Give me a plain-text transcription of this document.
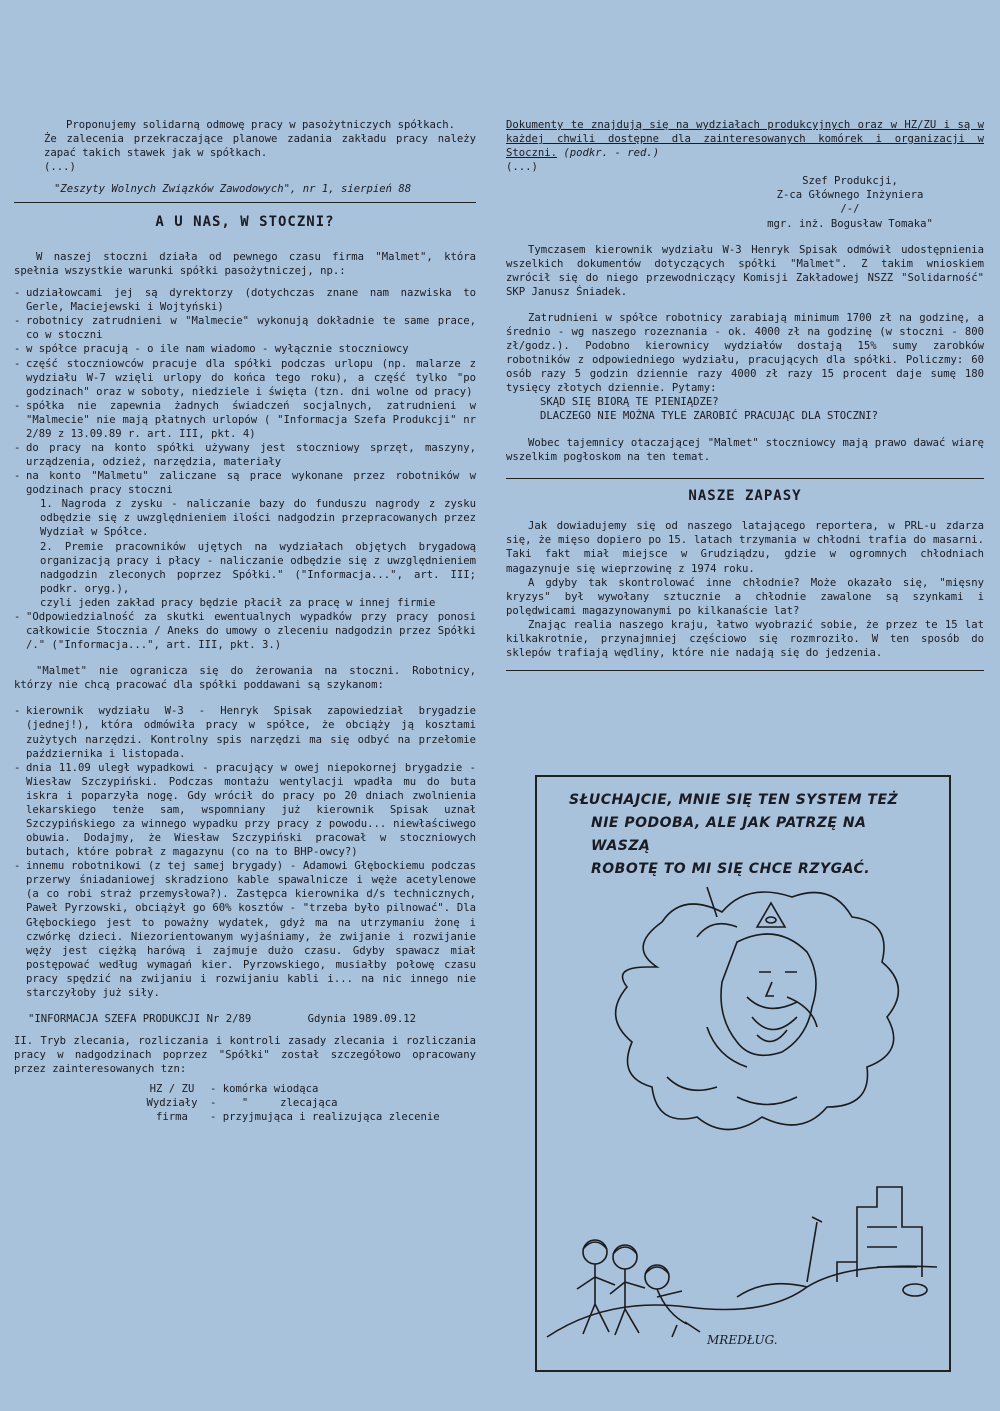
Proponujemy solidarną odmowę pracy w pasożytniczych spółkach.

Że zalecenia przekraczające planowe zadania zakładu pracy należy zapać takich stawek jak w spółkach.

(...)

"Zeszyty Wolnych Związków Zawodowych", nr 1, sierpień 88

A U NAS, W STOCZNI?

W naszej stoczni działa od pewnego czasu firma "Malmet", która spełnia wszystkie warunki spółki pasożytniczej, np.:

- udziałowcami jej są dyrektorzy (dotychczas znane nam nazwiska to Gerle, Maciejewski i Wojtyński)
- robotnicy zatrudnieni w "Malmecie" wykonują dokładnie te same prace, co w stoczni
- w spółce pracują - o ile nam wiadomo - wyłącznie stoczniowcy
- część stoczniowców pracuje dla spółki podczas urlopu (np. malarze z wydziału W-7 wzięli urlopy do końca tego roku), a część tylko "po godzinach" oraz w soboty, niedziele i święta (tzn. dni wolne od pracy)
- spółka nie zapewnia żadnych świadczeń socjalnych, zatrudnieni w "Malmecie" nie mają płatnych urlopów ( "Informacja Szefa Produkcji" nr 2/89 z 13.09.89 r. art. III, pkt. 4)
- do pracy na konto spółki używany jest stoczniowy sprzęt, maszyny, urządzenia, odzież, narzędzia, materiały
- na konto "Malmetu" zaliczane są prace wykonane przez robotników w godzinach pracy stoczni
1. Nagroda z zysku - naliczanie bazy do funduszu nagrody z zysku odbędzie się z uwzględnieniem ilości nadgodzin przepracowanych przez Wydział w Spółce.
2. Premie pracowników ujętych na wydziałach objętych brygadową organizacją pracy i płacy - naliczanie odbędzie się z uwzględnieniem nadgodzin zleconych poprzez Spółki." ("Informacja...", art. III; podkr. oryg.),

czyli jeden zakład pracy będzie płacił za pracę w innej firmie

- "Odpowiedzialność za skutki ewentualnych wypadków przy pracy ponosi całkowicie Stocznia / Aneks do umowy o zleceniu nadgodzin przez Spółki /." ("Informacja...", art. III, pkt. 3.)

"Malmet" nie ogranicza się do żerowania na stoczni. Robotnicy, którzy nie chcą pracować dla spółki poddawani są szykanom:

- kierownik wydziału W-3 - Henryk Spisak zapowiedział brygadzie (jednej!), która odmówiła pracy w spółce, że obciąży ją kosztami zużytych narzędzi. Kontrolny spis narzędzi ma się odbyć na przełomie października i listopada.
- dnia 11.09 uległ wypadkowi - pracujący w owej niepokornej brygadzie - Wiesław Szczypiński. Podczas montażu wentylacji wpadła mu do buta iskra i poparzyła nogę. Gdy wrócił do pracy po 20 dniach zwolnienia lekarskiego tenże sam, wspomniany już kierownik Spisak uznał Szczypińskiego za winnego wypadku przy pracy z powodu... niewłaściwego obuwia. Dodajmy, że Wiesław Szczypiński pracował w stoczniowych butach, które pobrał z magazynu (co na to BHP-owcy?)
- innemu robotnikowi (z tej samej brygady) - Adamowi Głębockiemu podczas przerwy śniadaniowej skradziono kable spawalnicze i węże acetylenowe (a co robi straż przemysłowa?). Zastępca kierownika d/s technicznych, Paweł Pyrzowski, obciążył go 60% kosztów - "trzeba było pilnować". Dla Głębockiego jest to poważny wydatek, gdyż ma na utrzymaniu żonę i czwórkę dzieci. Niezorientowanym wyjaśniamy, że zwijanie i rozwijanie węży jest ciężką harówą i zajmuje dużo czasu. Gdyby spawacz miał postępować według wymagań kier. Pyrzowskiego, musiałby połowę czasu pracy spędzić na zwijaniu i rozwijaniu kabli i... na nic innego nie starczyłoby już siły.

"INFORMACJA SZEFA PRODUKCJI Nr 2/89	Gdynia 1989.09.12

II. Tryb zlecania, rozliczania i kontroli zasady zlecania i rozliczania pracy w nadgodzinach poprzez "Spółki" został szczegółowo opracowany przez zainteresowanych tzn:

HZ / ZU	- komórka wiodąca
Wydziały	-    "     zlecająca
firma	- przyjmująca i realizująca zlecenie

Dokumenty te znajdują się na wydziałach produkcyjnych oraz w HZ/ZU i są w każdej chwili dostępne dla zainteresowanych komórek i organizacji w Stoczni. (podkr. - red.)

(...)

Szef Produkcji,

Z-ca Głównego Inżyniera

/-/

mgr. inż. Bogusław Tomaka"

Tymczasem kierownik wydziału W-3 Henryk Spisak odmówił udostępnienia wszelkich dokumentów dotyczących spółki "Malmet". Z takim wnioskiem zwrócił się do niego przewodniczący Komisji Zakładowej NSZZ "Solidarność" SKP Janusz Śniadek.

Zatrudnieni w spółce robotnicy zarabiają minimum 1700 zł na godzinę, a średnio - wg naszego rozeznania - ok. 4000 zł na godzinę (w stoczni - 800 zł/godz.). Podobno kierownicy wydziałów dostają 15% sumy zarobków robotników z odpowiedniego wydziału, pracujących dla spółki. Policzmy: 60 osób razy 5 godzin dziennie razy 4000 zł razy 15 procent daje sumę 180 tysięcy złotych dziennie. Pytamy:

SKĄD SIĘ BIORĄ TE PIENIĄDZE?

DLACZEGO NIE MOŻNA TYLE ZAROBIĆ PRACUJĄC DLA STOCZNI?

Wobec tajemnicy otaczającej "Malmet" stoczniowcy mają prawo dawać wiarę wszelkim pogłoskom na ten temat.

NASZE ZAPASY

Jak dowiadujemy się od naszego latającego reportera, w PRL-u zdarza się, że mięso dopiero po 15. latach trzymania w chłodni trafia do masarni. Taki fakt miał miejsce w Grudziądzu, gdzie w ogromnych chłodniach magazynuje się wieprzowinę z 1974 roku.

A gdyby tak skontrolować inne chłodnie? Może okazało się, "mięsny kryzys" był wywołany sztucznie a chłodnie zawalone są szynkami i polędwicami magazynowanymi po kilkanaście lat?

Znając realia naszego kraju, łatwo wyobrazić sobie, że przez te 15 lat kilkakrotnie, przynajmniej częściowo się rozmroziło. W ten sposób do sklepów trafiają wędliny, które nie nadają się do jedzenia.

SŁUCHAJCIE, MNIE SIĘ TEN SYSTEM TEŻ
NIE PODOBA, ALE JAK PATRZĘ NA WASZĄ
ROBOTĘ TO MI SIĘ CHCE RZYGAĆ.
MREDŁUG.
